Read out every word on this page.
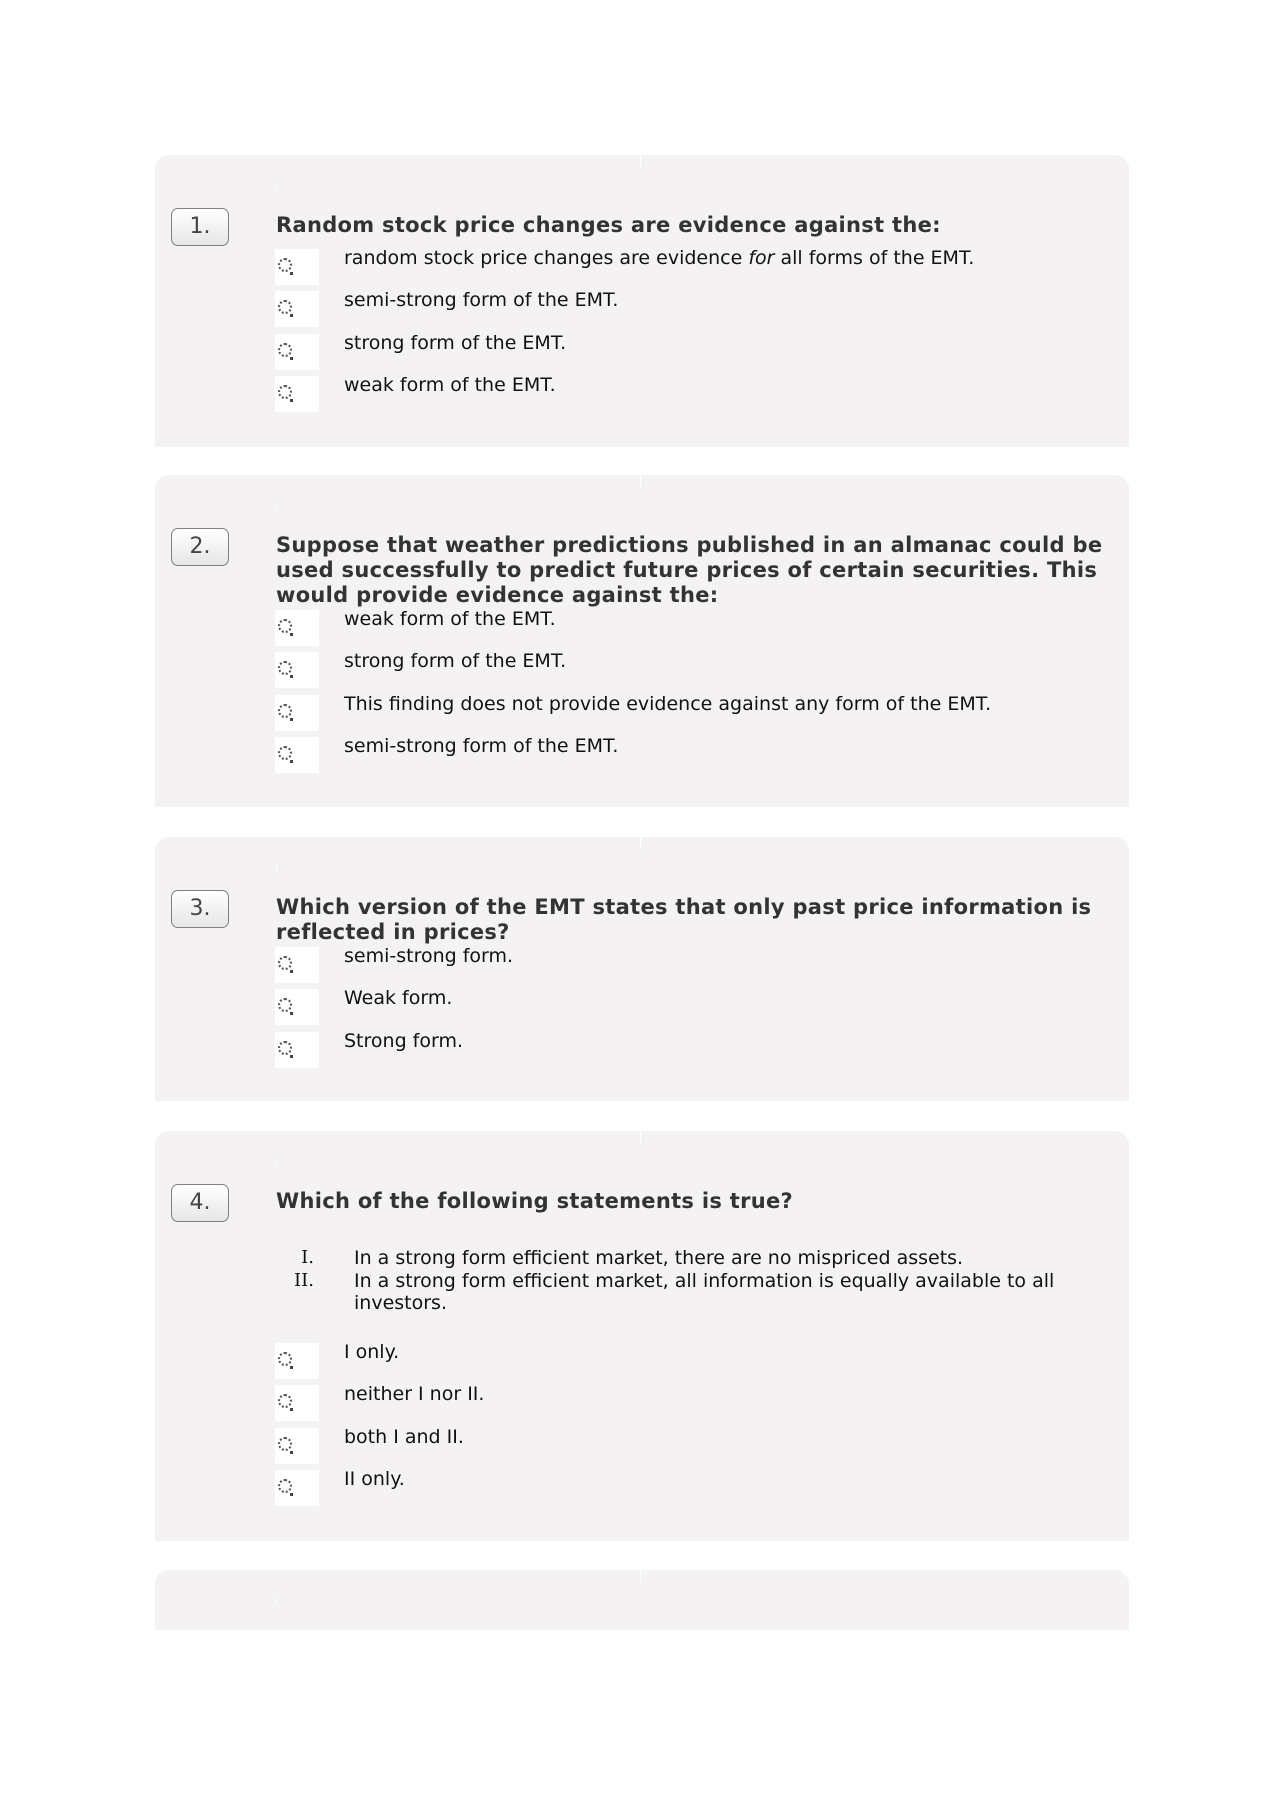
1.	Random stock price changes are evidence against the:
random stock price changes are evidence for all forms of the EMT.
semi-strong form of the EMT.
strong form of the EMT.
weak form of the EMT.
2.	Suppose that weather predictions published in an almanac could be used successfully to predict future prices of certain securities. This would provide evidence against the:
weak form of the EMT.
strong form of the EMT.
This finding does not provide evidence against any form of the EMT.
semi-strong form of the EMT.
3.	Which version of the EMT states that only past price information is reflected in prices?
semi-strong form.
Weak form.
Strong form.
4.	Which of the following statements is true?
I. In a strong form efficient market, there are no mispriced assets.
II. In a strong form efficient market, all information is equally available to all investors.
I only.
neither I nor II.
both I and II.
II only.
